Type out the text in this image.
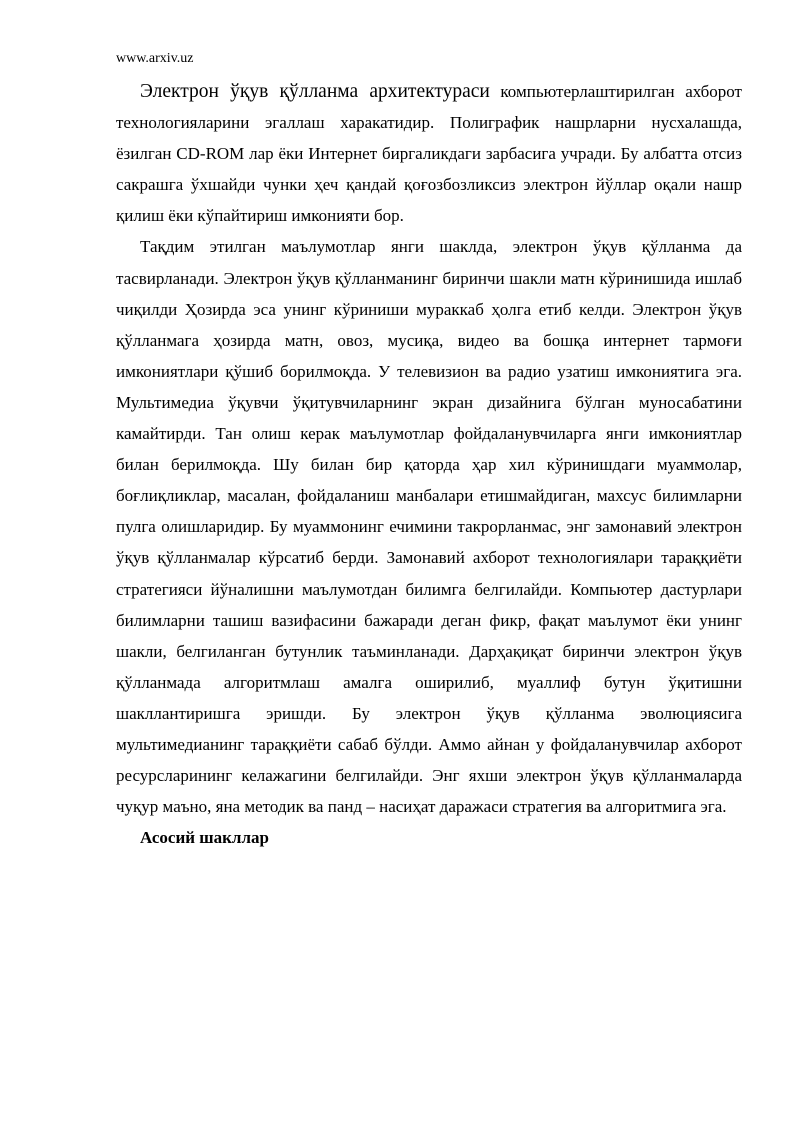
www.arxiv.uz

Электрон ўқув қўлланма архитектураси компьютерлаштирилган ахборот технологияларини эгаллаш харакатидир. Полиграфик нашрларни нусхалашда, ёзилган CD-ROM лар ёки Интернет биргаликдаги зарбасига учради. Бу албатта отсиз сакрашга ўхшайди чунки ҳеч қандай қоғозбозликсиз электрон йўллар оқали нашр қилиш ёки кўпайтириш имконияти бор.

Тақдим этилган маълумотлар янги шаклда, электрон ўқув қўлланма да тасвирланади. Электрон ўқув қўлланманинг биринчи шакли матн кўринишида ишлаб чиқилди Ҳозирда эса унинг кўриниши мураккаб ҳолга етиб келди. Электрон ўқув қўлланмага ҳозирда матн, овоз, мусиқа, видео ва бошқа интернет тармоғи имкониятлари қўшиб борилмоқда. У телевизион ва радио узатиш имкониятига эга. Мультимедиа ўқувчи ўқитувчиларнинг экран дизайнига бўлган муносабатини камайтирди. Тан олиш керак маълумотлар фойдаланувчиларга янги имкониятлар билан берилмоқда. Шу билан бир қаторда ҳар хил кўринишдаги муаммолар, боғлиқликлар, масалан, фойдаланиш манбалари етишмайдиган, махсус билимларни пулга олишларидир. Бу муаммонинг ечимини такрорланмас, энг замонавий электрон ўқув қўлланмалар кўрсатиб берди. Замонавий ахборот технологиялари тараққиёти стратегияси йўналишни маълумотдан билимга белгилайди. Компьютер дастурлари билимларни ташиш вазифасини бажаради деган фикр, фақат маълумот ёки унинг шакли, белгиланган бутунлик таъминланади. Дарҳақиқат биринчи электрон ўқув қўлланмада алгоритмлаш амалга оширилиб, муаллиф бутун ўқитишни шакллантиришга эришди. Бу электрон ўқув қўлланма эволюциясига мультимедианинг тараққиёти сабаб бўлди. Аммо айнан у фойдаланувчилар ахборот ресурсларининг келажагини белгилайди. Энг яхши электрон ўқув қўлланмаларда чуқур маъно, яна методик ва панд – насиҳат даражаси стратегия ва алгоритмига эга.

Асосий шакллар
